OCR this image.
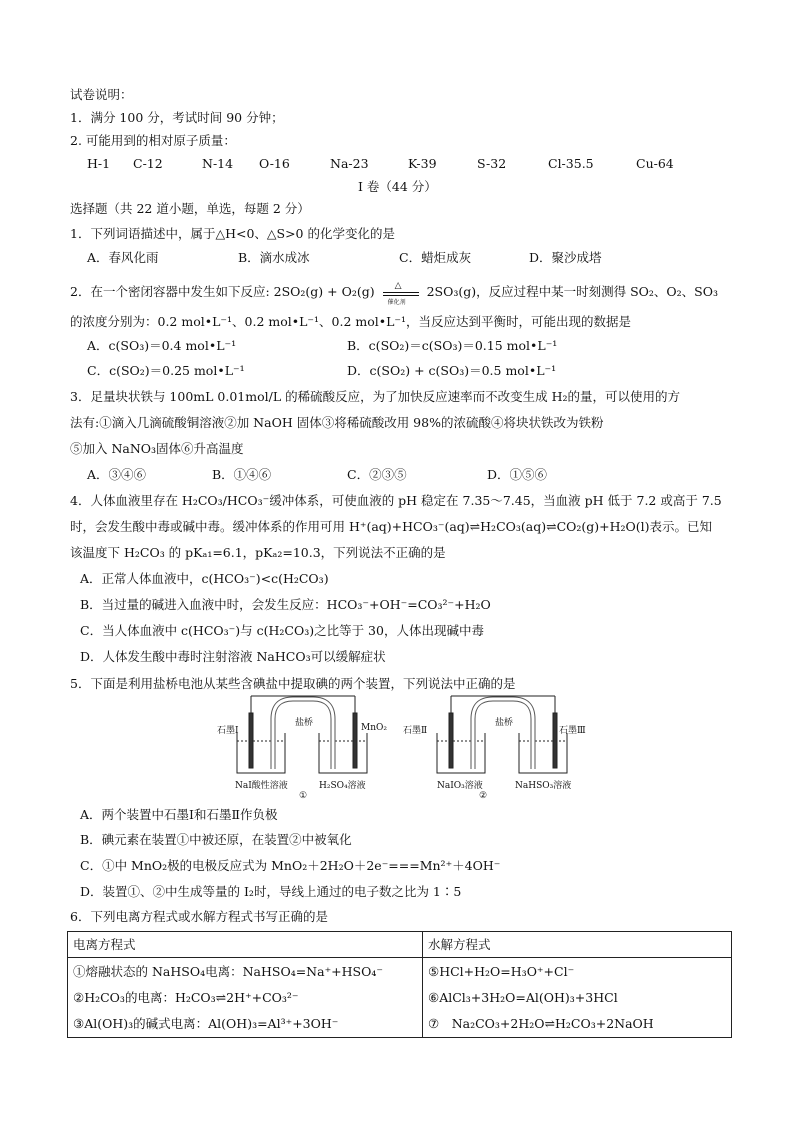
试卷说明：
1．满分 100 分，考试时间 90 分钟；
2. 可能用到的相对原子质量：
H-1 C-12	N-14 O-16	Na-23	K-39	S-32	Cl-35.5	Cu-64
I 卷（44 分）
选择题（共 22 道小题，单选，每题 2 分）
1．下列词语描述中，属于△H<0、△S>0 的化学变化的是
A．春风化雨	B．滴水成冰	C．蜡炬成灰	D．聚沙成塔
2．在一个密闭容器中发生如下反应: 2SO₂(g) + O₂(g) △
催化剂
2SO₃(g)，反应过程中某一时刻测得 SO₂、O₂、SO₃
的浓度分别为：0.2 mol•L⁻¹、0.2 mol•L⁻¹、0.2 mol•L⁻¹，当反应达到平衡时，可能出现的数据是
A．c(SO₃)＝0.4 mol•L⁻¹	B．c(SO₂)＝c(SO₃)＝0.15 mol•L⁻¹
C．c(SO₂)＝0.25 mol•L⁻¹	D．c(SO₂) + c(SO₃)＝0.5 mol•L⁻¹
3．足量块状铁与 100mL 0.01mol/L 的稀硫酸反应，为了加快反应速率而不改变生成 H₂的量，可以使用的方
法有:①滴入几滴硫酸铜溶液②加 NaOH 固体③将稀硫酸改用 98%的浓硫酸④将块状铁改为铁粉
⑤加入 NaNO₃固体⑥升高温度
A．③④⑥	B．①④⑥	C．②③⑤	D．①⑤⑥
4．人体血液里存在 H₂CO₃/HCO₃⁻缓冲体系，可使血液的 pH 稳定在 7.35～7.45，当血液 pH 低于 7.2 或高于 7.5
时，会发生酸中毒或碱中毒。缓冲体系的作用可用 H⁺(aq)+HCO₃⁻(aq)⇌H₂CO₃(aq)⇌CO₂(g)+H₂O(l)表示。已知
该温度下 H₂CO₃ 的 pKₐ₁=6.1，pKₐ₂=10.3，下列说法不正确的是
A．正常人体血液中，c(HCO₃⁻)<c(H₂CO₃)
B．当过量的碱进入血液中时，会发生反应：HCO₃⁻+OH⁻=CO₃²⁻+H₂O
C．当人体血液中 c(HCO₃⁻)与 c(H₂CO₃)之比等于 30，人体出现碱中毒
D．人体发生酸中毒时注射溶液 NaHCO₃可以缓解症状
5．下面是利用盐桥电池从某些含碘盐中提取碘的两个装置，下列说法中正确的是
石墨Ⅰ
盐桥	MnO₂
NaI酸性溶液	H₂SO₄溶液
①
石墨Ⅱ
盐桥
石墨Ⅲ
NaIO₃溶液	NaHSO₃溶液
②
A．两个装置中石墨Ⅰ和石墨Ⅱ作负极
B．碘元素在装置①中被还原，在装置②中被氧化
C．①中 MnO₂极的电极反应式为 MnO₂＋2H₂O＋2e⁻===Mn²⁺＋4OH⁻
D．装置①、②中生成等量的 I₂时，导线上通过的电子数之比为 1∶5
6．下列电离方程式或水解方程式书写正确的是
电离方程式	水解方程式
①熔融状态的 NaHSO₄电离：NaHSO₄=Na⁺+HSO₄⁻	⑤HCl+H₂O=H₃O⁺+Cl⁻
②H₂CO₃的电离：H₂CO₃⇌2H⁺+CO₃²⁻	⑥AlCl₃+3H₂O=Al(OH)₃+3HCl
③Al(OH)₃的碱式电离：Al(OH)₃=Al³⁺+3OH⁻	⑦　Na₂CO₃+2H₂O⇌H₂CO₃+2NaOH
